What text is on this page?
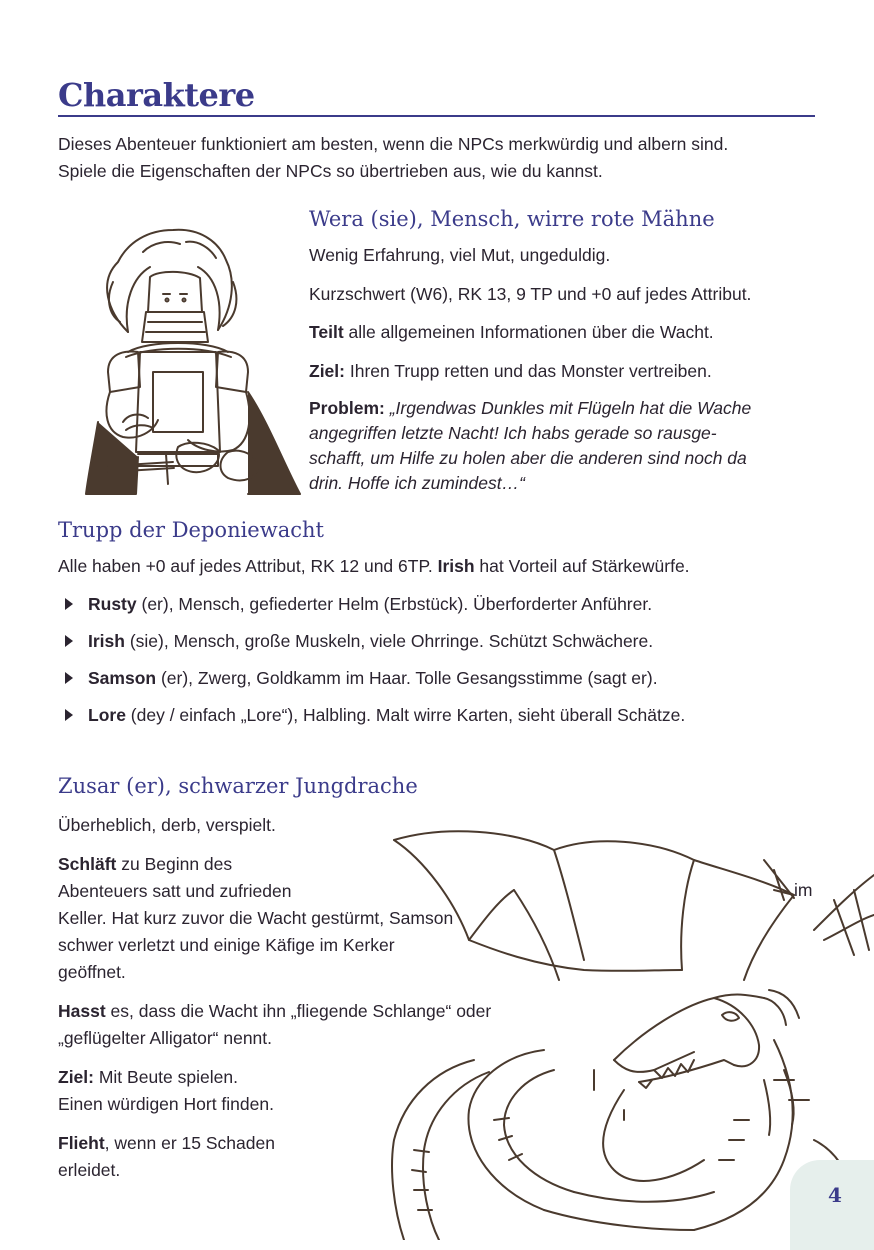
Charaktere
Dieses Abenteuer funktioniert am besten, wenn die NPCs merkwürdig und albern sind.
Spiele die Eigenschaften der NPCs so übertrieben aus, wie du kannst.
Wera (sie), Mensch, wirre rote Mähne

Wenig Erfahrung, viel Mut, ungeduldig.

Kurzschwert (W6), RK 13, 9 TP und +0 auf jedes Attribut.

Teilt alle allgemeinen Informationen über die Wacht.

Ziel: Ihren Trupp retten und das Monster vertreiben.

Problem: „Irgendwas Dunkles mit Flügeln hat die Wache

angegriffen letzte Nacht! Ich habs gerade so rausge-

schafft, um Hilfe zu holen aber die anderen sind noch da

drin. Hoffe ich zumindest…“

Trupp der Deponiewacht

Alle haben +0 auf jedes Attribut, RK 12 und 6TP. Irish hat Vorteil auf Stärkewürfe.

Rusty (er), Mensch, gefiederter Helm (Erbstück). Überforderter Anführer.
Irish (sie), Mensch, große Muskeln, viele Ohrringe. Schützt Schwächere.
Samson (er), Zwerg, Goldkamm im Haar. Tolle Gesangsstimme (sagt er).
Lore (dey / einfach „Lore“), Halbling. Malt wirre Karten, sieht überall Schätze.
Zusar (er), schwarzer Jungdrache

Überheblich, derb, verspielt.

Schläft zu Beginn des
Abenteuers satt und zufrieden
Keller. Hat kurz zuvor die Wacht gestürmt, Samson
schwer verletzt und einige Käfige im Kerker
geöffnet.

Hasst es, dass die Wacht ihn „fliegende Schlange“ oder
„geflügelter Alligator“ nennt.

Ziel: Mit Beute spielen.
Einen würdigen Hort finden.

Flieht, wenn er 15 Schaden
erleidet.

im
4
